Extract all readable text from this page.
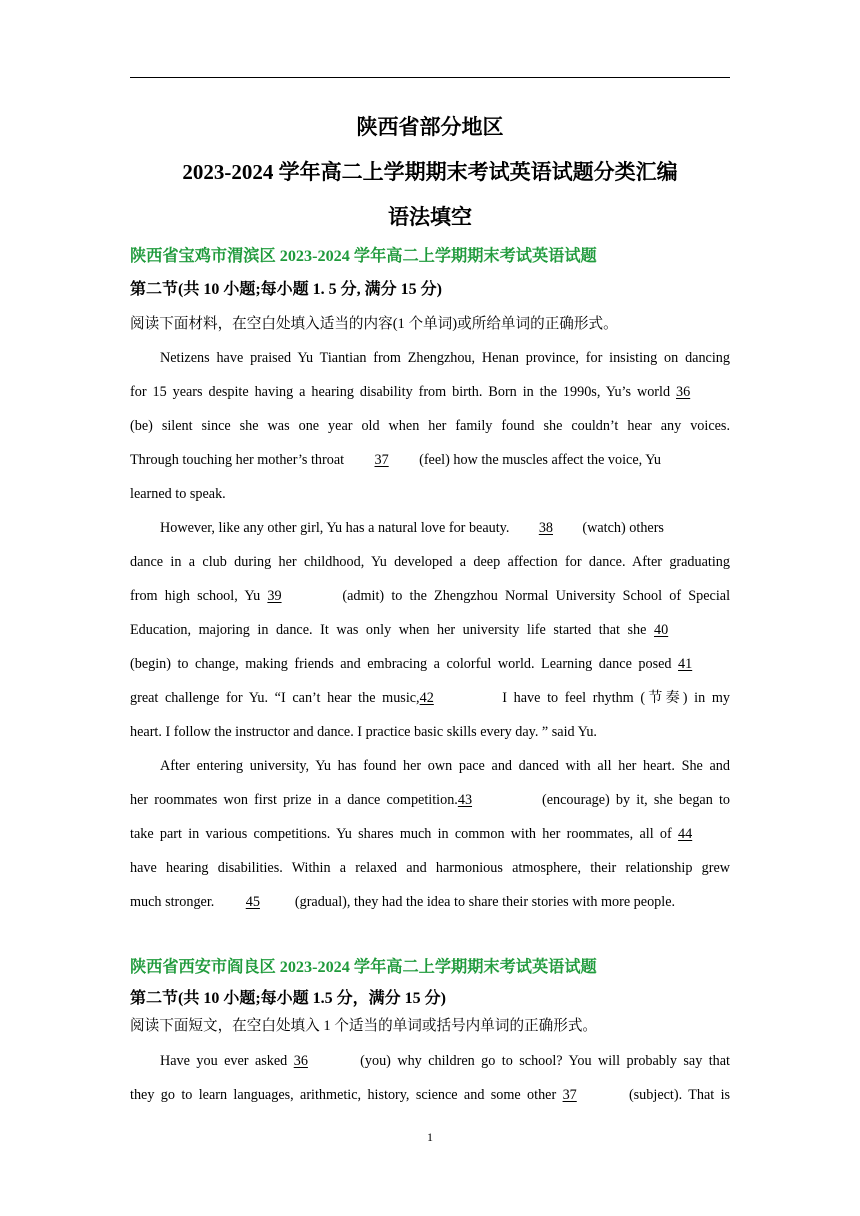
陕西省部分地区
2023-2024 学年高二上学期期末考试英语试题分类汇编
语法填空
陕西省宝鸡市渭滨区 2023-2024 学年高二上学期期末考试英语试题
第二节(共 10 小题;每小题 1. 5 分, 满分 15 分)
阅读下面材料，在空白处填入适当的内容(1 个单词)或所给单词的正确形式。
Netizens have praised Yu Tiantian from Zhengzhou, Henan province, for insisting on dancing
for 15 years despite having a hearing disability from birth. Born in the 1990s, Yu’s world 36
(be) silent since she was one year old when her family found she couldn’t hear any voices.
Through touching her mother’s throat 37 (feel) how the muscles affect the voice, Yu
learned to speak.
However, like any other girl, Yu has a natural love for beauty. 38 (watch) others
dance in a club during her childhood, Yu developed a deep affection for dance. After graduating
from high school, Yu 39	(admit) to the Zhengzhou Normal University School of Special
Education, majoring in dance. It was only when her university life started that she 40
(begin) to change, making friends and embracing a colorful world. Learning dance posed 41
great challenge for Yu. “I can’t hear the music,42	I have to feel rhythm (节奏) in my
heart. I follow the instructor and dance. I practice basic skills every day. ” said Yu.
After entering university, Yu has found her own pace and danced with all her heart. She and
her roommates won first prize in a dance competition.43	(encourage) by it, she began to
take part in various competitions. Yu shares much in common with her roommates, all of 44
have hearing disabilities. Within a relaxed and harmonious atmosphere, their relationship grew
much stronger. 45 (gradual), they had the idea to share their stories with more people.
陕西省西安市阎良区 2023-2024 学年高二上学期期末考试英语试题
第二节(共 10 小题;每小题 1.5 分，满分 15 分)
阅读下面短文，在空白处填入 1 个适当的单词或括号内单词的正确形式。
Have you ever asked 36	(you) why children go to school? You will probably say that
they go to learn languages, arithmetic, history, science and some other 37	(subject). That is
1
